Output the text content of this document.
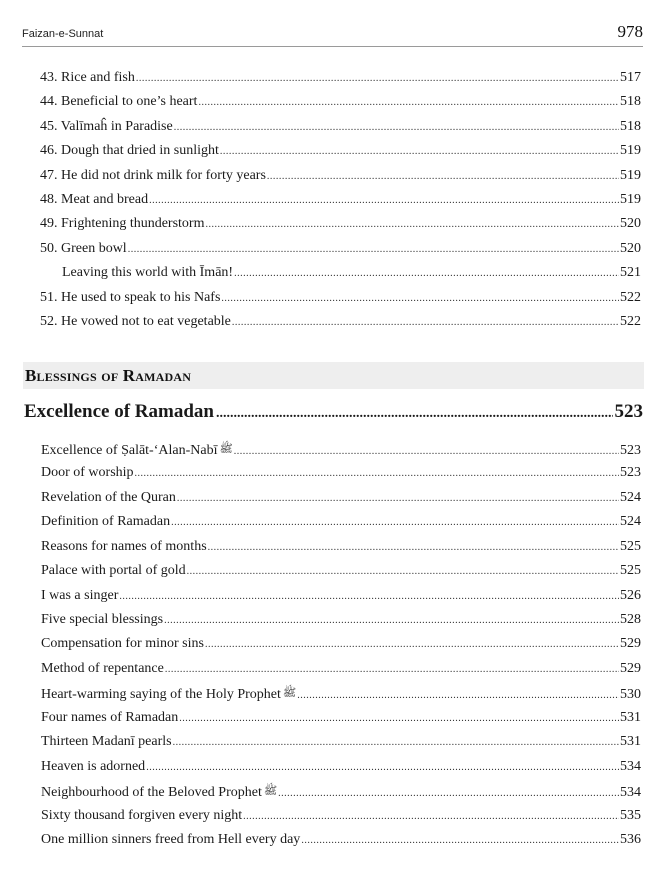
Faizan-e-Sunnat	978
43. Rice and fish .....	517
44. Beneficial to one’s heart .....	518
45. Valīmaĥ in Paradise .....	518
46. Dough that dried in sunlight .....	519
47. He did not drink milk for forty years .....	519
48. Meat and bread .....	519
49. Frightening thunderstorm .....	520
50. Green bowl .....	520
Leaving this world with Īmān! .....	521
51. He used to speak to his Nafs .....	522
52. He vowed not to eat vegetable .....	522
Blessings of Ramadan
Excellence of Ramadan .....	523
Excellence of Ṣalāt-‘Alan-Nabī ﷺ .....	523
Door of worship .....	523
Revelation of the Quran .....	524
Definition of Ramadan .....	524
Reasons for names of months .....	525
Palace with portal of gold .....	525
I was a singer .....	526
Five special blessings .....	528
Compensation for minor sins .....	529
Method of repentance .....	529
Heart-warming saying of the Holy Prophet ﷺ .....	530
Four names of Ramadan .....	531
Thirteen Madanī pearls .....	531
Heaven is adorned .....	534
Neighbourhood of the Beloved Prophet ﷺ .....	534
Sixty thousand forgiven every night .....	535
One million sinners freed from Hell every day .....	536
